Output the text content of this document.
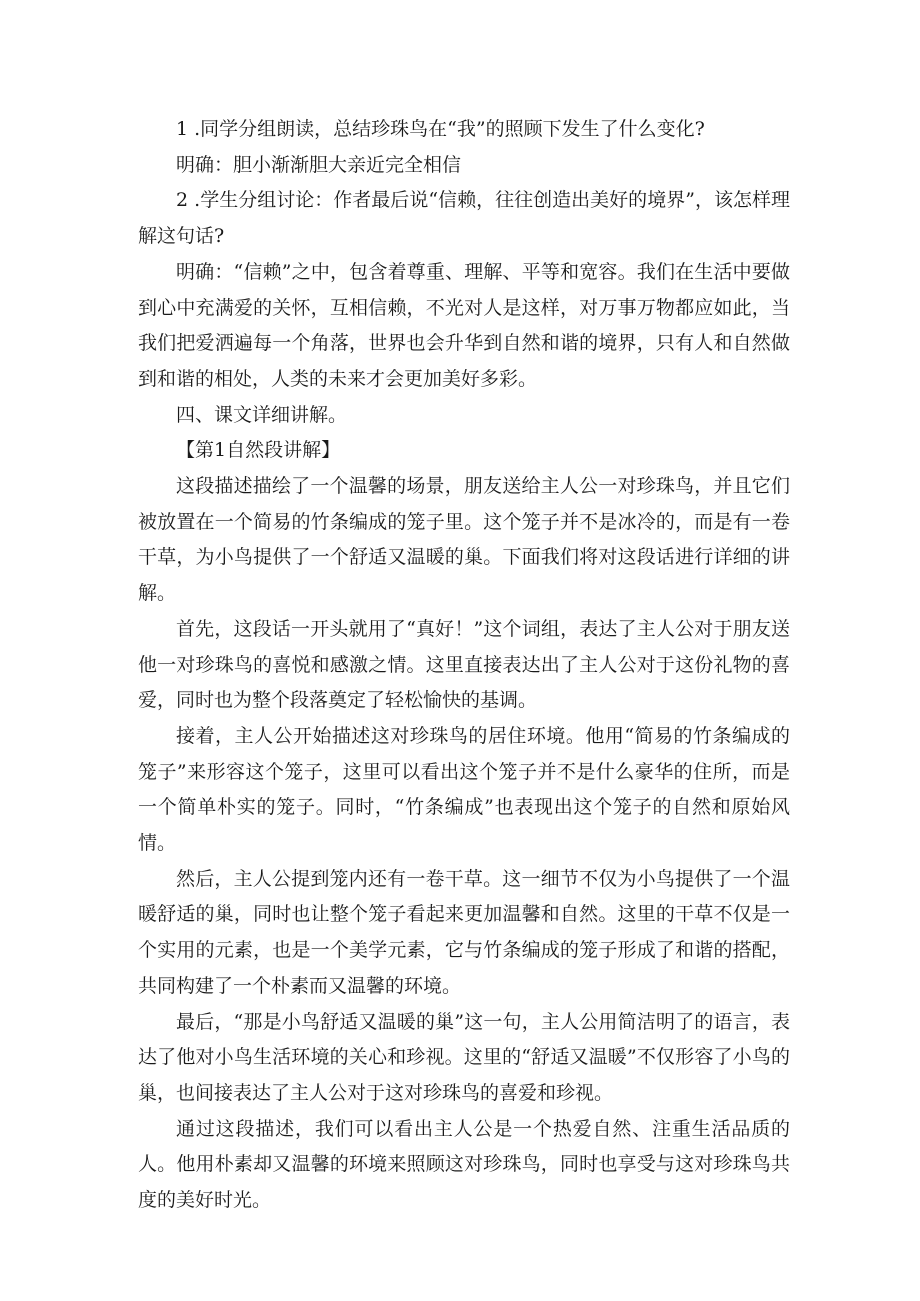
1 .同学分组朗读，总结珍珠鸟在“我”的照顾下发生了什么变化?

明确：胆小渐渐胆大亲近完全相信

2 .学生分组讨论：作者最后说“信赖，往往创造出美好的境界”，该怎样理解这句话?

明确：“信赖”之中，包含着尊重、理解、平等和宽容。我们在生活中要做到心中充满爱的关怀，互相信赖，不光对人是这样，对万事万物都应如此，当我们把爱洒遍每一个角落，世界也会升华到自然和谐的境界，只有人和自然做到和谐的相处，人类的未来才会更加美好多彩。

四、课文详细讲解。

【第1自然段讲解】

这段描述描绘了一个温馨的场景，朋友送给主人公一对珍珠鸟，并且它们被放置在一个简易的竹条编成的笼子里。这个笼子并不是冰冷的，而是有一卷干草，为小鸟提供了一个舒适又温暖的巢。下面我们将对这段话进行详细的讲解。

首先，这段话一开头就用了“真好！”这个词组，表达了主人公对于朋友送他一对珍珠鸟的喜悦和感激之情。这里直接表达出了主人公对于这份礼物的喜爱，同时也为整个段落奠定了轻松愉快的基调。

接着，主人公开始描述这对珍珠鸟的居住环境。他用“简易的竹条编成的笼子”来形容这个笼子，这里可以看出这个笼子并不是什么豪华的住所，而是一个简单朴实的笼子。同时，“竹条编成”也表现出这个笼子的自然和原始风情。

然后，主人公提到笼内还有一卷干草。这一细节不仅为小鸟提供了一个温暖舒适的巢，同时也让整个笼子看起来更加温馨和自然。这里的干草不仅是一个实用的元素，也是一个美学元素，它与竹条编成的笼子形成了和谐的搭配，共同构建了一个朴素而又温馨的环境。

最后，“那是小鸟舒适又温暖的巢”这一句，主人公用简洁明了的语言，表达了他对小鸟生活环境的关心和珍视。这里的“舒适又温暖”不仅形容了小鸟的巢，也间接表达了主人公对于这对珍珠鸟的喜爱和珍视。

通过这段描述，我们可以看出主人公是一个热爱自然、注重生活品质的人。他用朴素却又温馨的环境来照顾这对珍珠鸟，同时也享受与这对珍珠鸟共度的美好时光。
